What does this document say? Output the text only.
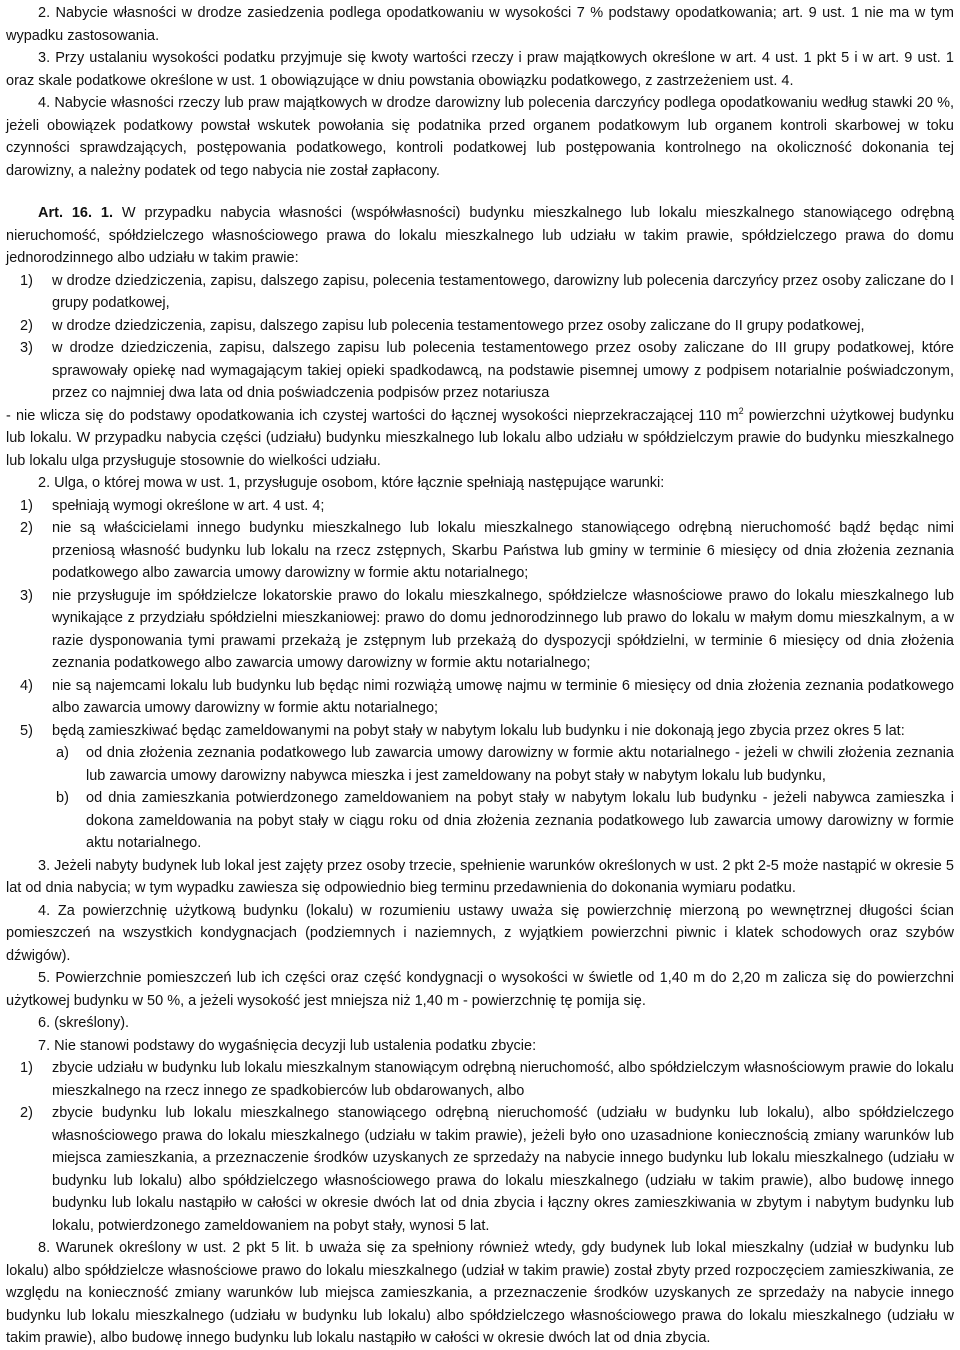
2. Nabycie własności w drodze zasiedzenia podlega opodatkowaniu w wysokości 7 % podstawy opodatkowania; art. 9 ust. 1 nie ma w tym wypadku zastosowania.

3. Przy ustalaniu wysokości podatku przyjmuje się kwoty wartości rzeczy i praw majątkowych określone w art. 4 ust. 1 pkt 5 i w art. 9 ust. 1 oraz skale podatkowe określone w ust. 1 obowiązujące w dniu powstania obowiązku podatkowego, z zastrzeżeniem ust. 4.

4. Nabycie własności rzeczy lub praw majątkowych w drodze darowizny lub polecenia darczyńcy podlega opodatkowaniu według stawki 20 %, jeżeli obowiązek podatkowy powstał wskutek powołania się podatnika przed organem podatkowym lub organem kontroli skarbowej w toku czynności sprawdzających, postępowania podatkowego, kontroli podatkowej lub postępowania kontrolnego na okoliczność dokonania tej darowizny, a należny podatek od tego nabycia nie został zapłacony.

Art. 16. 1. W przypadku nabycia własności (współwłasności) budynku mieszkalnego lub lokalu mieszkalnego stanowiącego odrębną nieruchomość, spółdzielczego własnościowego prawa do lokalu mieszkalnego lub udziału w takim prawie, spółdzielczego prawa do domu jednorodzinnego albo udziału w takim prawie:

1)	w drodze dziedziczenia, zapisu, dalszego zapisu, polecenia testamentowego, darowizny lub polecenia darczyńcy przez osoby zaliczane do I grupy podatkowej,
2)	w drodze dziedziczenia, zapisu, dalszego zapisu lub polecenia testamentowego przez osoby zaliczane do II grupy podatkowej,
3)	w drodze dziedziczenia, zapisu, dalszego zapisu lub polecenia testamentowego przez osoby zaliczane do III grupy podatkowej, które sprawowały opiekę nad wymagającym takiej opieki spadkodawcą, na podstawie pisemnej umowy z podpisem notarialnie poświadczonym, przez co najmniej dwa lata od dnia poświadczenia podpisów przez notariusza

- nie wlicza się do podstawy opodatkowania ich czystej wartości do łącznej wysokości nieprzekraczającej 110 $m^2$ powierzchni użytkowej budynku lub lokalu. W przypadku nabycia części (udziału) budynku mieszkalnego lub lokalu albo udziału w spółdzielczym prawie do budynku mieszkalnego lub lokalu ulga przysługuje stosownie do wielkości udziału.

2. Ulga, o której mowa w ust. 1, przysługuje osobom, które łącznie spełniają następujące warunki:

1)	spełniają wymogi określone w art. 4 ust. 4;
2)	nie są właścicielami innego budynku mieszkalnego lub lokalu mieszkalnego stanowiącego odrębną nieruchomość bądź będąc nimi przeniosą własność budynku lub lokalu na rzecz zstępnych, Skarbu Państwa lub gminy w terminie 6 miesięcy od dnia złożenia zeznania podatkowego albo zawarcia umowy darowizny w formie aktu notarialnego;
3)	nie przysługuje im spółdzielcze lokatorskie prawo do lokalu mieszkalnego, spółdzielcze własnościowe prawo do lokalu mieszkalnego lub wynikające z przydziału spółdzielni mieszkaniowej: prawo do domu jednorodzinnego lub prawo do lokalu w małym domu mieszkalnym, a w razie dysponowania tymi prawami przekażą je zstępnym lub przekażą do dyspozycji spółdzielni, w terminie 6 miesięcy od dnia złożenia zeznania podatkowego albo zawarcia umowy darowizny w formie aktu notarialnego;
4)	nie są najemcami lokalu lub budynku lub będąc nimi rozwiążą umowę najmu w terminie 6 miesięcy od dnia złożenia zeznania podatkowego albo zawarcia umowy darowizny w formie aktu notarialnego;
5)	będą zamieszkiwać będąc zameldowanymi na pobyt stały w nabytym lokalu lub budynku i nie dokonają jego zbycia przez okres 5 lat:
a)	od dnia złożenia zeznania podatkowego lub zawarcia umowy darowizny w formie aktu notarialnego - jeżeli w chwili złożenia zeznania lub zawarcia umowy darowizny nabywca mieszka i jest zameldowany na pobyt stały w nabytym lokalu lub budynku,
b)	od dnia zamieszkania potwierdzonego zameldowaniem na pobyt stały w nabytym lokalu lub budynku - jeżeli nabywca zamieszka i dokona zameldowania na pobyt stały w ciągu roku od dnia złożenia zeznania podatkowego lub zawarcia umowy darowizny w formie aktu notarialnego.

3. Jeżeli nabyty budynek lub lokal jest zajęty przez osoby trzecie, spełnienie warunków określonych w ust. 2 pkt 2-5 może nastąpić w okresie 5 lat od dnia nabycia; w tym wypadku zawiesza się odpowiednio bieg terminu przedawnienia do dokonania wymiaru podatku.

4. Za powierzchnię użytkową budynku (lokalu) w rozumieniu ustawy uważa się powierzchnię mierzoną po wewnętrznej długości ścian pomieszczeń na wszystkich kondygnacjach (podziemnych i naziemnych, z wyjątkiem powierzchni piwnic i klatek schodowych oraz szybów dźwigów).

5. Powierzchnie pomieszczeń lub ich części oraz część kondygnacji o wysokości w świetle od 1,40 m do 2,20 m zalicza się do powierzchni użytkowej budynku w 50 %, a jeżeli wysokość jest mniejsza niż 1,40 m - powierzchnię tę pomija się.

6. (skreślony).

7. Nie stanowi podstawy do wygaśnięcia decyzji lub ustalenia podatku zbycie:

1)	zbycie udziału w budynku lub lokalu mieszkalnym stanowiącym odrębną nieruchomość, albo spółdzielczym własnościowym prawie do lokalu mieszkalnego na rzecz innego ze spadkobierców lub obdarowanych, albo
2)	zbycie budynku lub lokalu mieszkalnego stanowiącego odrębną nieruchomość (udziału w budynku lub lokalu), albo spółdzielczego własnościowego prawa do lokalu mieszkalnego (udziału w takim prawie), jeżeli było ono uzasadnione koniecznością zmiany warunków lub miejsca zamieszkania, a przeznaczenie środków uzyskanych ze sprzedaży na nabycie innego budynku lub lokalu mieszkalnego (udziału w budynku lub lokalu) albo spółdzielczego własnościowego prawa do lokalu mieszkalnego (udziału w takim prawie), albo budowę innego budynku lub lokalu nastąpiło w całości w okresie dwóch lat od dnia zbycia i łączny okres zamieszkiwania w zbytym i nabytym budynku lub lokalu, potwierdzonego zameldowaniem na pobyt stały, wynosi 5 lat.

8. Warunek określony w ust. 2 pkt 5 lit. b uważa się za spełniony również wtedy, gdy budynek lub lokal mieszkalny (udział w budynku lub lokalu) albo spółdzielcze własnościowe prawo do lokalu mieszkalnego (udział w takim prawie) został zbyty przed rozpoczęciem zamieszkiwania, ze względu na konieczność zmiany warunków lub miejsca zamieszkania, a przeznaczenie środków uzyskanych ze sprzedaży na nabycie innego budynku lub lokalu mieszkalnego (udziału w budynku lub lokalu) albo spółdzielczego własnościowego prawa do lokalu mieszkalnego (udziału w takim prawie), albo budowę innego budynku lub lokalu nastąpiło w całości w okresie dwóch lat od dnia zbycia.
